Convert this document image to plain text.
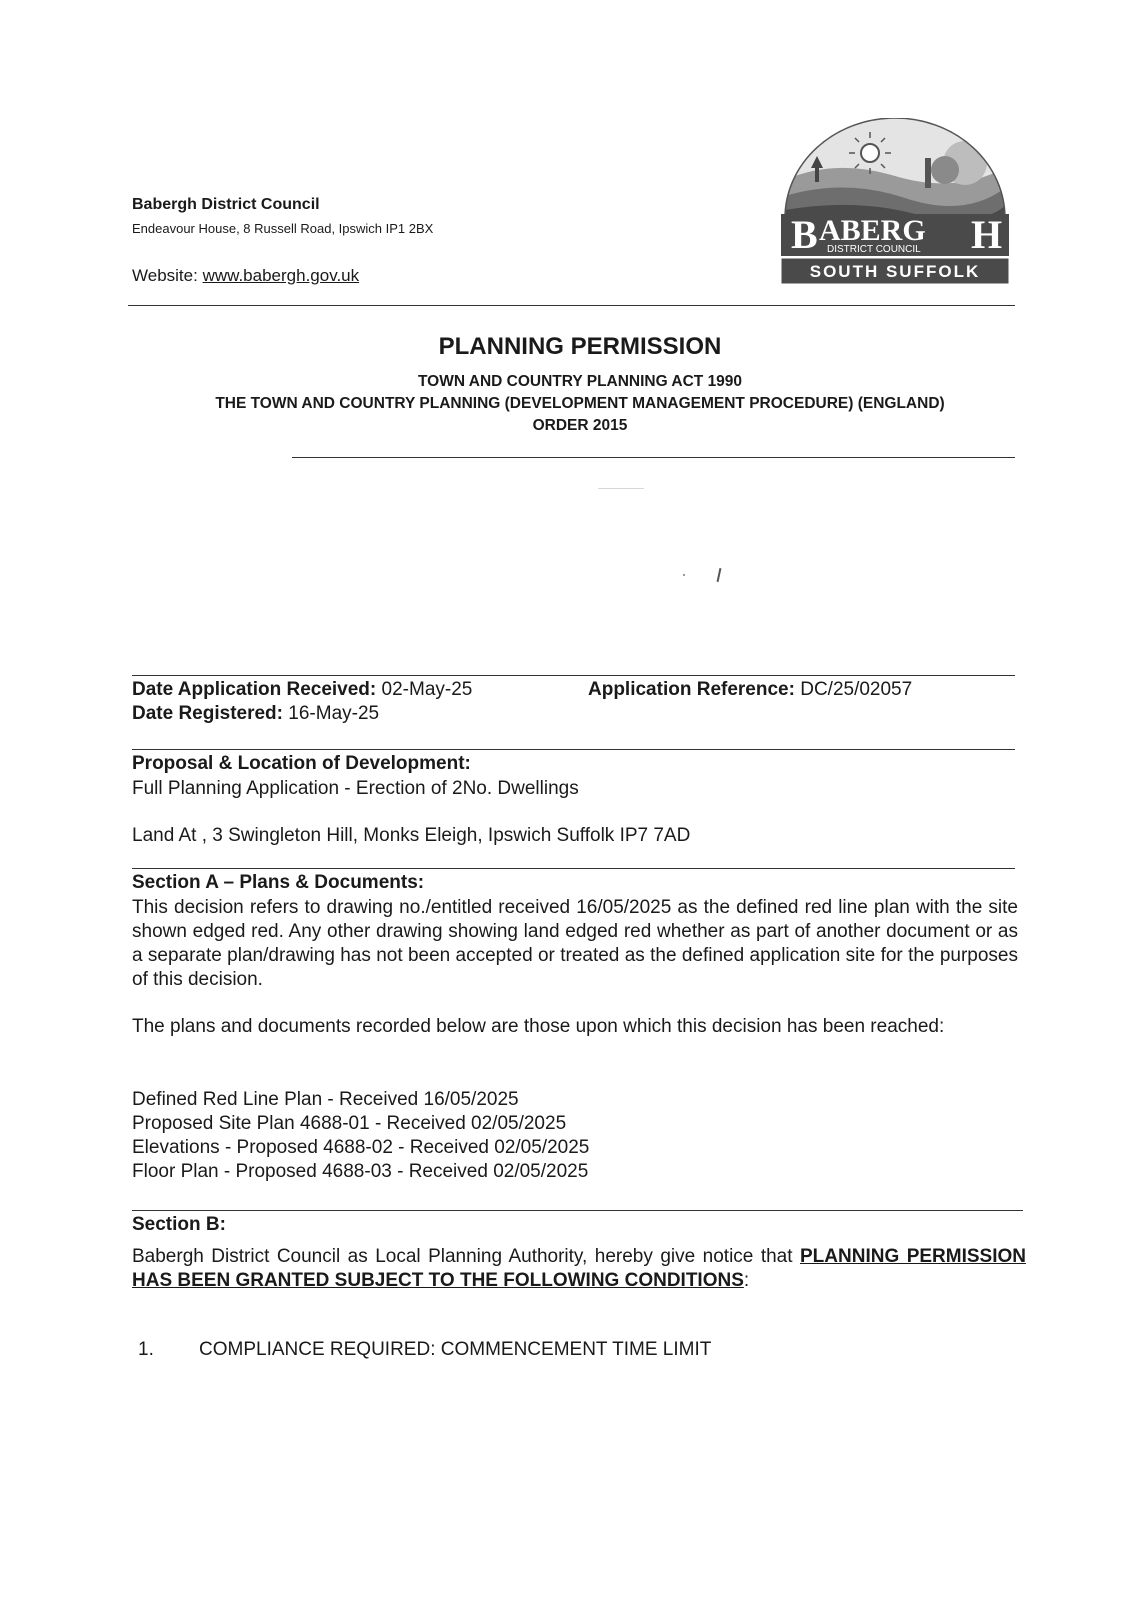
Babergh District Council
Endeavour House, 8 Russell Road, Ipswich IP1 2BX
Website: www.babergh.gov.uk
B ABERG H
DISTRICT COUNCIL
SOUTH SUFFOLK
PLANNING PERMISSION
TOWN AND COUNTRY PLANNING ACT 1990
THE TOWN AND COUNTRY PLANNING (DEVELOPMENT MANAGEMENT PROCEDURE) (ENGLAND)
ORDER 2015
Date Application Received: 02-May-25
Date Registered: 16-May-25
Application Reference: DC/25/02057
Proposal & Location of Development:
Full Planning Application - Erection of 2No. Dwellings
Land At , 3 Swingleton Hill, Monks Eleigh, Ipswich Suffolk IP7 7AD
Section A – Plans & Documents:
This decision refers to drawing no./entitled received 16/05/2025 as the defined red line plan with the site shown edged red. Any other drawing showing land edged red whether as part of another document or as a separate plan/drawing has not been accepted or treated as the defined application site for the purposes of this decision.
The plans and documents recorded below are those upon which this decision has been reached:
Defined Red Line Plan - Received 16/05/2025
Proposed Site Plan 4688-01 - Received 02/05/2025
Elevations - Proposed 4688-02 - Received 02/05/2025
Floor Plan - Proposed 4688-03 - Received 02/05/2025
Section B:
Babergh District Council as Local Planning Authority, hereby give notice that PLANNING PERMISSION HAS BEEN GRANTED SUBJECT TO THE FOLLOWING CONDITIONS:
1. COMPLIANCE REQUIRED: COMMENCEMENT TIME LIMIT
